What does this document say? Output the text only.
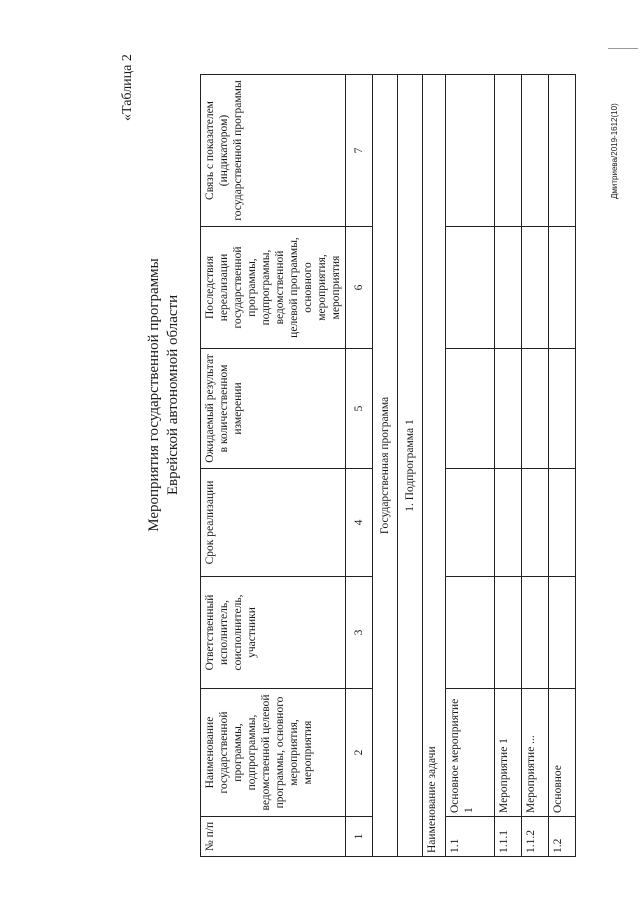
«Таблица 2
Мероприятия государственной программы Еврейской автономной области
№ п/п	Наименование государственной программы, подпрограммы, ведомственной целевой программы, основного мероприятия, мероприятия	Ответственный исполнитель, соисполнитель, участники	Срок реализации	Ожидаемый результат в количественном измерении	Последствия нереализации государственной программы, подпрограммы, ведомственной целевой программы, основного мероприятия, мероприятия	Связь с показателем (индикатором) государственной программы
1	2	3	4	5	6	7
Государственная программа						
1. Подпрограмма 1						
Наименование задачи						
1.1	Основное мероприятие 1					
1.1.1	Мероприятие 1					
1.1.2	Мероприятие ...					
1.2	Основное					
Дмитриева/2019-1612(10)
